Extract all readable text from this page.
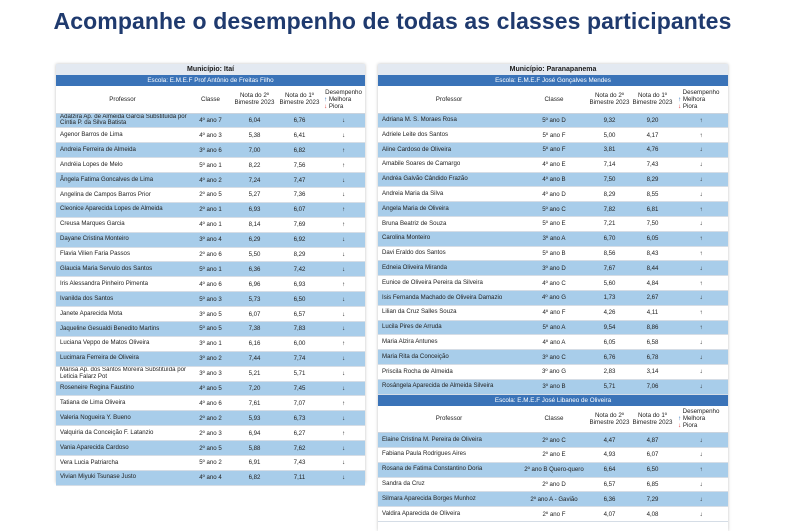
Acompanhe o desempenho de todas as classes participantes
Município: Itaí				
Escola: E.M.E.F Prof Antônio de Freitas Filho				
Professor	Classe	Nota do 2º Bimestre 2023	Nota do 1º Bimestre 2023	Desempenho
↑ Melhora
↓ Piora

Adalzira Ap. de Almeida Garcia Substituída por Cíntia P. da Silva Batista	4º ano 7	6,04	6,76	↓
Agenor Barros de Lima	4º ano 3	5,38	6,41	↓
Andreia Ferreira de Almeida	3º ano 6	7,00	6,82	↑
Andréia Lopes de Melo	5º ano 1	8,22	7,56	↑
Ângela Fatima Goncalves de Lima	4º ano 2	7,24	7,47	↓
Angelina de Campos Barros Prior	2º ano 5	5,27	7,36	↓
Cleonice Aparecida Lopes de Almeida	2º ano 1	6,93	6,07	↑
Creusa Marques Garcia	4º ano 1	8,14	7,69	↑
Dayane Cristina Monteiro	3º ano 4	6,29	6,92	↓
Flavia Vilien Faria Passos	2º ano 6	5,50	8,29	↓
Glaucia Maria Servulo dos Santos	5º ano 1	6,36	7,42	↓
Iris Alessandra Pinheiro Pimenta	4º ano 6	6,96	6,93	↑
Ivanilda dos Santos	5º ano 3	5,73	6,50	↓
Janete Aparecida Mota	3º ano 5	6,07	6,57	↓
Jaqueline Gesualdi Benedito Martins	5º ano 5	7,38	7,83	↓
Luciana Veppo de Matos Oliveira	3º ano 1	6,16	6,00	↑
Lucimara Ferreira de Oliveira	3º ano 2	7,44	7,74	↓
Marisa Ap. dos Santos Moreira Substituída por Leticia Falarz Pot	3º ano 3	5,21	5,71	↓
Roseneire Regina Faustino	4º ano 5	7,20	7,45	↓
Tatiana de Lima Oliveira	4º ano 6	7,61	7,07	↑
Valeria Nogueira Y. Bueno	2º ano 2	5,93	6,73	↓
Valquiria da Conceição F. Latanzio	2º ano 3	6,94	6,27	↑
Vania Aparecida Cardoso	2º ano 5	5,88	7,62	↓
Vera Lucia Patriarcha	5º ano 2	6,91	7,43	↓
Vivian Miyuki Tsunase Justo	4º ano 4	6,82	7,11	↓
Município: Paranapanema				
Escola: E.M.E.F José Gonçalves Mendes				
Professor	Classe	Nota do 2º Bimestre 2023	Nota do 1º Bimestre 2023	Desempenho
↑ Melhora
↓ Piora

Adriana M. S. Moraes Rosa	5º ano D	9,32	9,20	↑
Adriele Leite dos Santos	5º ano F	5,00	4,17	↑
Aline Cardoso de Oliveira	5º ano F	3,81	4,76	↓
Amabile Soares de Camargo	4º ano E	7,14	7,43	↓
Andréa Galvão Cândido Frazão	4º ano B	7,50	8,29	↓
Andreia Maria da Silva	4º ano D	8,29	8,55	↓
Angela Maria de Oliveira	5º ano C	7,82	6,81	↑
Bruna Beatriz de Souza	5º ano E	7,21	7,50	↓
Carolina Monteiro	3º ano A	6,70	6,05	↑
Davi Eraldo dos Santos	5º ano B	8,56	8,43	↑
Edneia Oliveira Miranda	3º ano D	7,67	8,44	↓
Eunice de Oliveira Pereira da Silveira	4º ano C	5,60	4,84	↑
Isis Fernanda Machado de Oliveira Damazio	4º ano G	1,73	2,67	↓
Lilian da Cruz Salles Souza	4º ano F	4,26	4,11	↑
Lucila Pires de Arruda	5º ano A	9,54	8,86	↑
Maria Alzira Antunes	4º ano A	6,05	6,58	↓
Maria Rita da Conceição	3º ano C	6,76	6,78	↓
Priscila Rocha de Almeida	3º ano G	2,83	3,14	↓
Rosângela Aparecida de Almeida Silveira	3º ano B	5,71	7,06	↓
Escola: E.M.E.F José Libaneo de Oliveira				
Professor	Classe	Nota do 2º Bimestre 2023	Nota do 1º Bimestre 2023	Desempenho
↑ Melhora
↓ Piora

Elaine Cristina M. Pereira de Oliveira	2º ano C	4,47	4,87	↓
Fabiana Paula Rodrigues Aires	2º ano E	4,93	6,07	↓
Rosana de Fatima Constantino Doria	2º ano B Quero-querо	6,64	6,50	↑
Sandra da Cruz	2º ano D	6,57	6,85	↓
Silmara Aparecida Borges Munhoz	2º ano A - Gavião	6,36	7,29	↓
Valdira Aparecida de Oliveira	2º ano F	4,07	4,08	↓
